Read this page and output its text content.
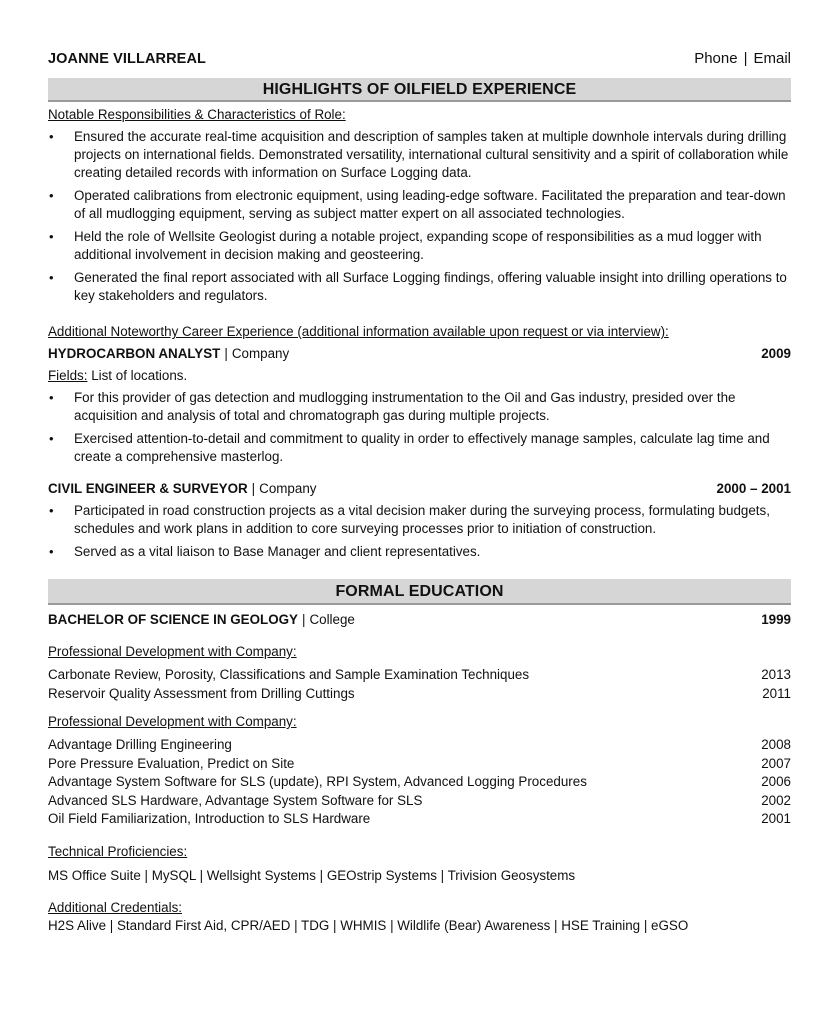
JOANNE VILLARREAL	Phone | Email
HIGHLIGHTS OF OILFIELD EXPERIENCE
Notable Responsibilities & Characteristics of Role:
• Ensured the accurate real-time acquisition and description of samples taken at multiple downhole intervals during drilling projects on international fields. Demonstrated versatility, international cultural sensitivity and a spirit of collaboration while creating detailed records with information on Surface Logging data.
• Operated calibrations from electronic equipment, using leading-edge software. Facilitated the preparation and tear-down of all mudlogging equipment, serving as subject matter expert on all associated technologies.
• Held the role of Wellsite Geologist during a notable project, expanding scope of responsibilities as a mud logger with additional involvement in decision making and geosteering.
• Generated the final report associated with all Surface Logging findings, offering valuable insight into drilling operations to key stakeholders and regulators.
Additional Noteworthy Career Experience (additional information available upon request or via interview):
HYDROCARBON ANALYST | Company	2009
Fields: List of locations.
• For this provider of gas detection and mudlogging instrumentation to the Oil and Gas industry, presided over the acquisition and analysis of total and chromatograph gas during multiple projects.
• Exercised attention-to-detail and commitment to quality in order to effectively manage samples, calculate lag time and create a comprehensive masterlog.
CIVIL ENGINEER & SURVEYOR | Company	2000 – 2001
• Participated in road construction projects as a vital decision maker during the surveying process, formulating budgets, schedules and work plans in addition to core surveying processes prior to initiation of construction.
• Served as a vital liaison to Base Manager and client representatives.
FORMAL EDUCATION
BACHELOR OF SCIENCE IN GEOLOGY | College	1999
Professional Development with Company:
Carbonate Review, Porosity, Classifications and Sample Examination Techniques	2013
Reservoir Quality Assessment from Drilling Cuttings	2011
Professional Development with Company:
Advantage Drilling Engineering	2008
Pore Pressure Evaluation, Predict on Site	2007
Advantage System Software for SLS (update), RPI System, Advanced Logging Procedures	2006
Advanced SLS Hardware, Advantage System Software for SLS	2002
Oil Field Familiarization, Introduction to SLS Hardware	2001
Technical Proficiencies:
MS Office Suite | MySQL | Wellsight Systems | GEOstrip Systems | Trivision Geosystems
Additional Credentials:
H2S Alive | Standard First Aid, CPR/AED | TDG | WHMIS | Wildlife (Bear) Awareness | HSE Training | eGSO
